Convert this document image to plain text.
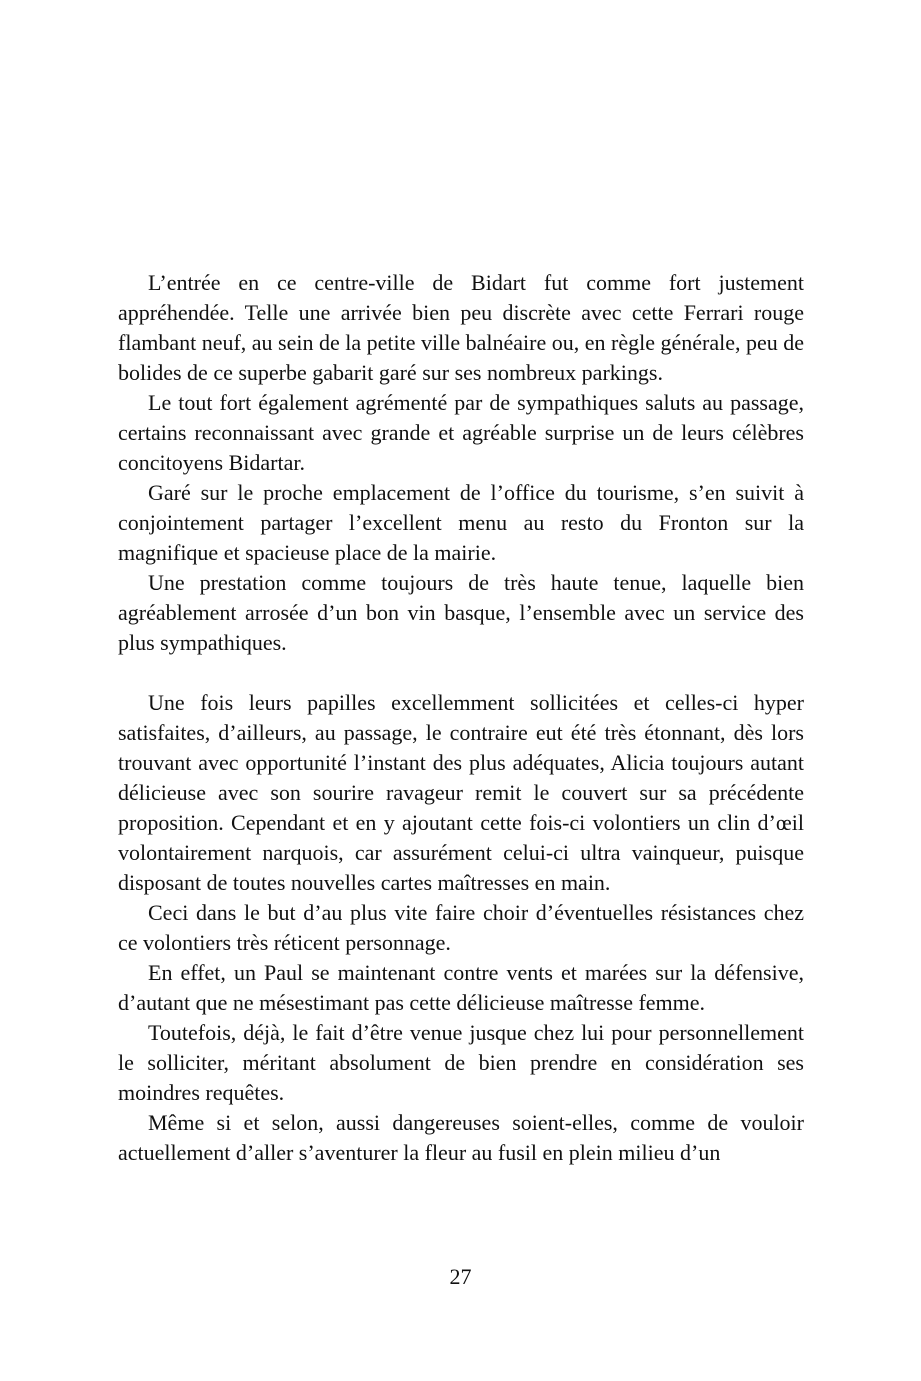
L’entrée en ce centre-ville de Bidart fut comme fort justement appréhendée. Telle une arrivée bien peu discrète avec cette Ferrari rouge flambant neuf, au sein de la petite ville balnéaire ou, en règle générale, peu de bolides de ce superbe gabarit garé sur ses nombreux parkings.

Le tout fort également agrémenté par de sympathiques saluts au passage, certains reconnaissant avec grande et agréable surprise un de leurs célèbres concitoyens Bidartar.

Garé sur le proche emplacement de l’office du tourisme, s’en suivit à conjointement partager l’excellent menu au resto du Fronton sur la magnifique et spacieuse place de la mairie.

Une prestation comme toujours de très haute tenue, laquelle bien agréablement arrosée d’un bon vin basque, l’ensemble avec un service des plus sympathiques.

Une fois leurs papilles excellemment sollicitées et celles-ci hyper satisfaites, d’ailleurs, au passage, le contraire eut été très étonnant, dès lors trouvant avec opportunité l’instant des plus adéquates, Alicia toujours autant délicieuse avec son sourire ravageur remit le couvert sur sa précédente proposition. Cependant et en y ajoutant cette fois-ci volontiers un clin d’œil volontairement narquois, car assurément celui-ci ultra vainqueur, puisque disposant de toutes nouvelles cartes maîtresses en main.

Ceci dans le but d’au plus vite faire choir d’éventuelles résistances chez ce volontiers très réticent personnage.

En effet, un Paul se maintenant contre vents et marées sur la défensive, d’autant que ne mésestimant pas cette délicieuse maîtresse femme.

Toutefois, déjà, le fait d’être venue jusque chez lui pour personnellement le solliciter, méritant absolument de bien prendre en considération ses moindres requêtes.

Même si et selon, aussi dangereuses soient-elles, comme de vouloir actuellement d’aller s’aventurer la fleur au fusil en plein milieu d’un

27
